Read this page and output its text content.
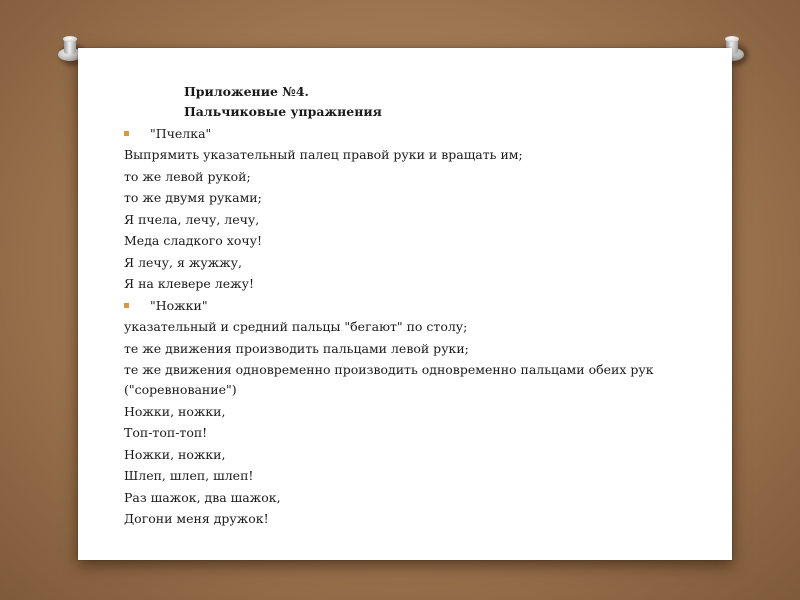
Приложение №4.
Пальчиковые упражнения
"Пчелка"

Выпрямить указательный палец правой руки и вращать им;

то же левой рукой;

то же двумя руками;

Я пчела, лечу, лечу,

Меда сладкого хочу!

Я лечу, я жужжу,

Я на клевере лежу!

"Ножки"

указательный и средний пальцы "бегают" по столу;

те же движения производить пальцами левой руки;

те же движения одновременно производить одновременно пальцами обеих рук

("соревнование")

Ножки, ножки,

Топ-топ-топ!

Ножки, ножки,

Шлеп, шлеп, шлеп!

Раз шажок, два шажок,

Догони меня дружок!
